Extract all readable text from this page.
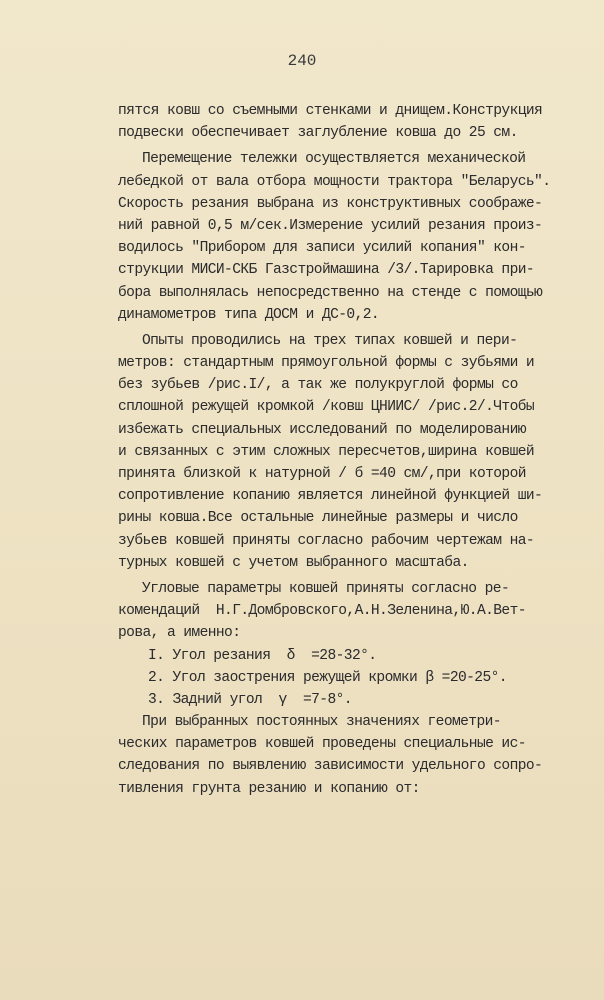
240
пятся ковш со съемными стенками и днищем.Конструкция
подвески обеспечивает заглубление ковша до 25 см.
Перемещение тележки осуществляется механической
лебедкой от вала отбора мощности трактора "Беларусь".
Скорость резания выбрана из конструктивных соображе-
ний равной 0,5 м/сек.Измерение усилий резания произ-
водилось "Прибором для записи усилий копания" кон-
струкции МИСИ-СКБ Газстроймашина /3/.Тарировка при-
бора выполнялась непосредственно на стенде с помощью
динамометров типа ДОСМ и ДС-0,2.
Опыты проводились на трех типах ковшей и пери-
метров: стандартным прямоугольной формы с зубьями и
без зубьев /рис.I/, а так же полукруглой формы со
сплошной режущей кромкой /ковш ЦНИИС/ /рис.2/.Чтобы
избежать специальных исследований по моделированию
и связанных с этим сложных пересчетов,ширина ковшей
принята близкой к натурной / б =40 см/,при которой
сопротивление копанию является линейной функцией ши-
рины ковша.Все остальные линейные размеры и число
зубьев ковшей приняты согласно рабочим чертежам на-
турных ковшей с учетом выбранного масштаба.
Угловые параметры ковшей приняты согласно ре-
комендаций  Н.Г.Домбровского,А.Н.Зеленина,Ю.А.Вет-
рова, а именно:
I. Угол резания  δ  =28-32°.
2. Угол заострения режущей кромки β =20-25°.
3. Задний угол  γ  =7-8°.
При выбранных постоянных значениях геометри-
ческих параметров ковшей проведены специальные ис-
следования по выявлению зависимости удельного сопро-
тивления грунта резанию и копанию от:
